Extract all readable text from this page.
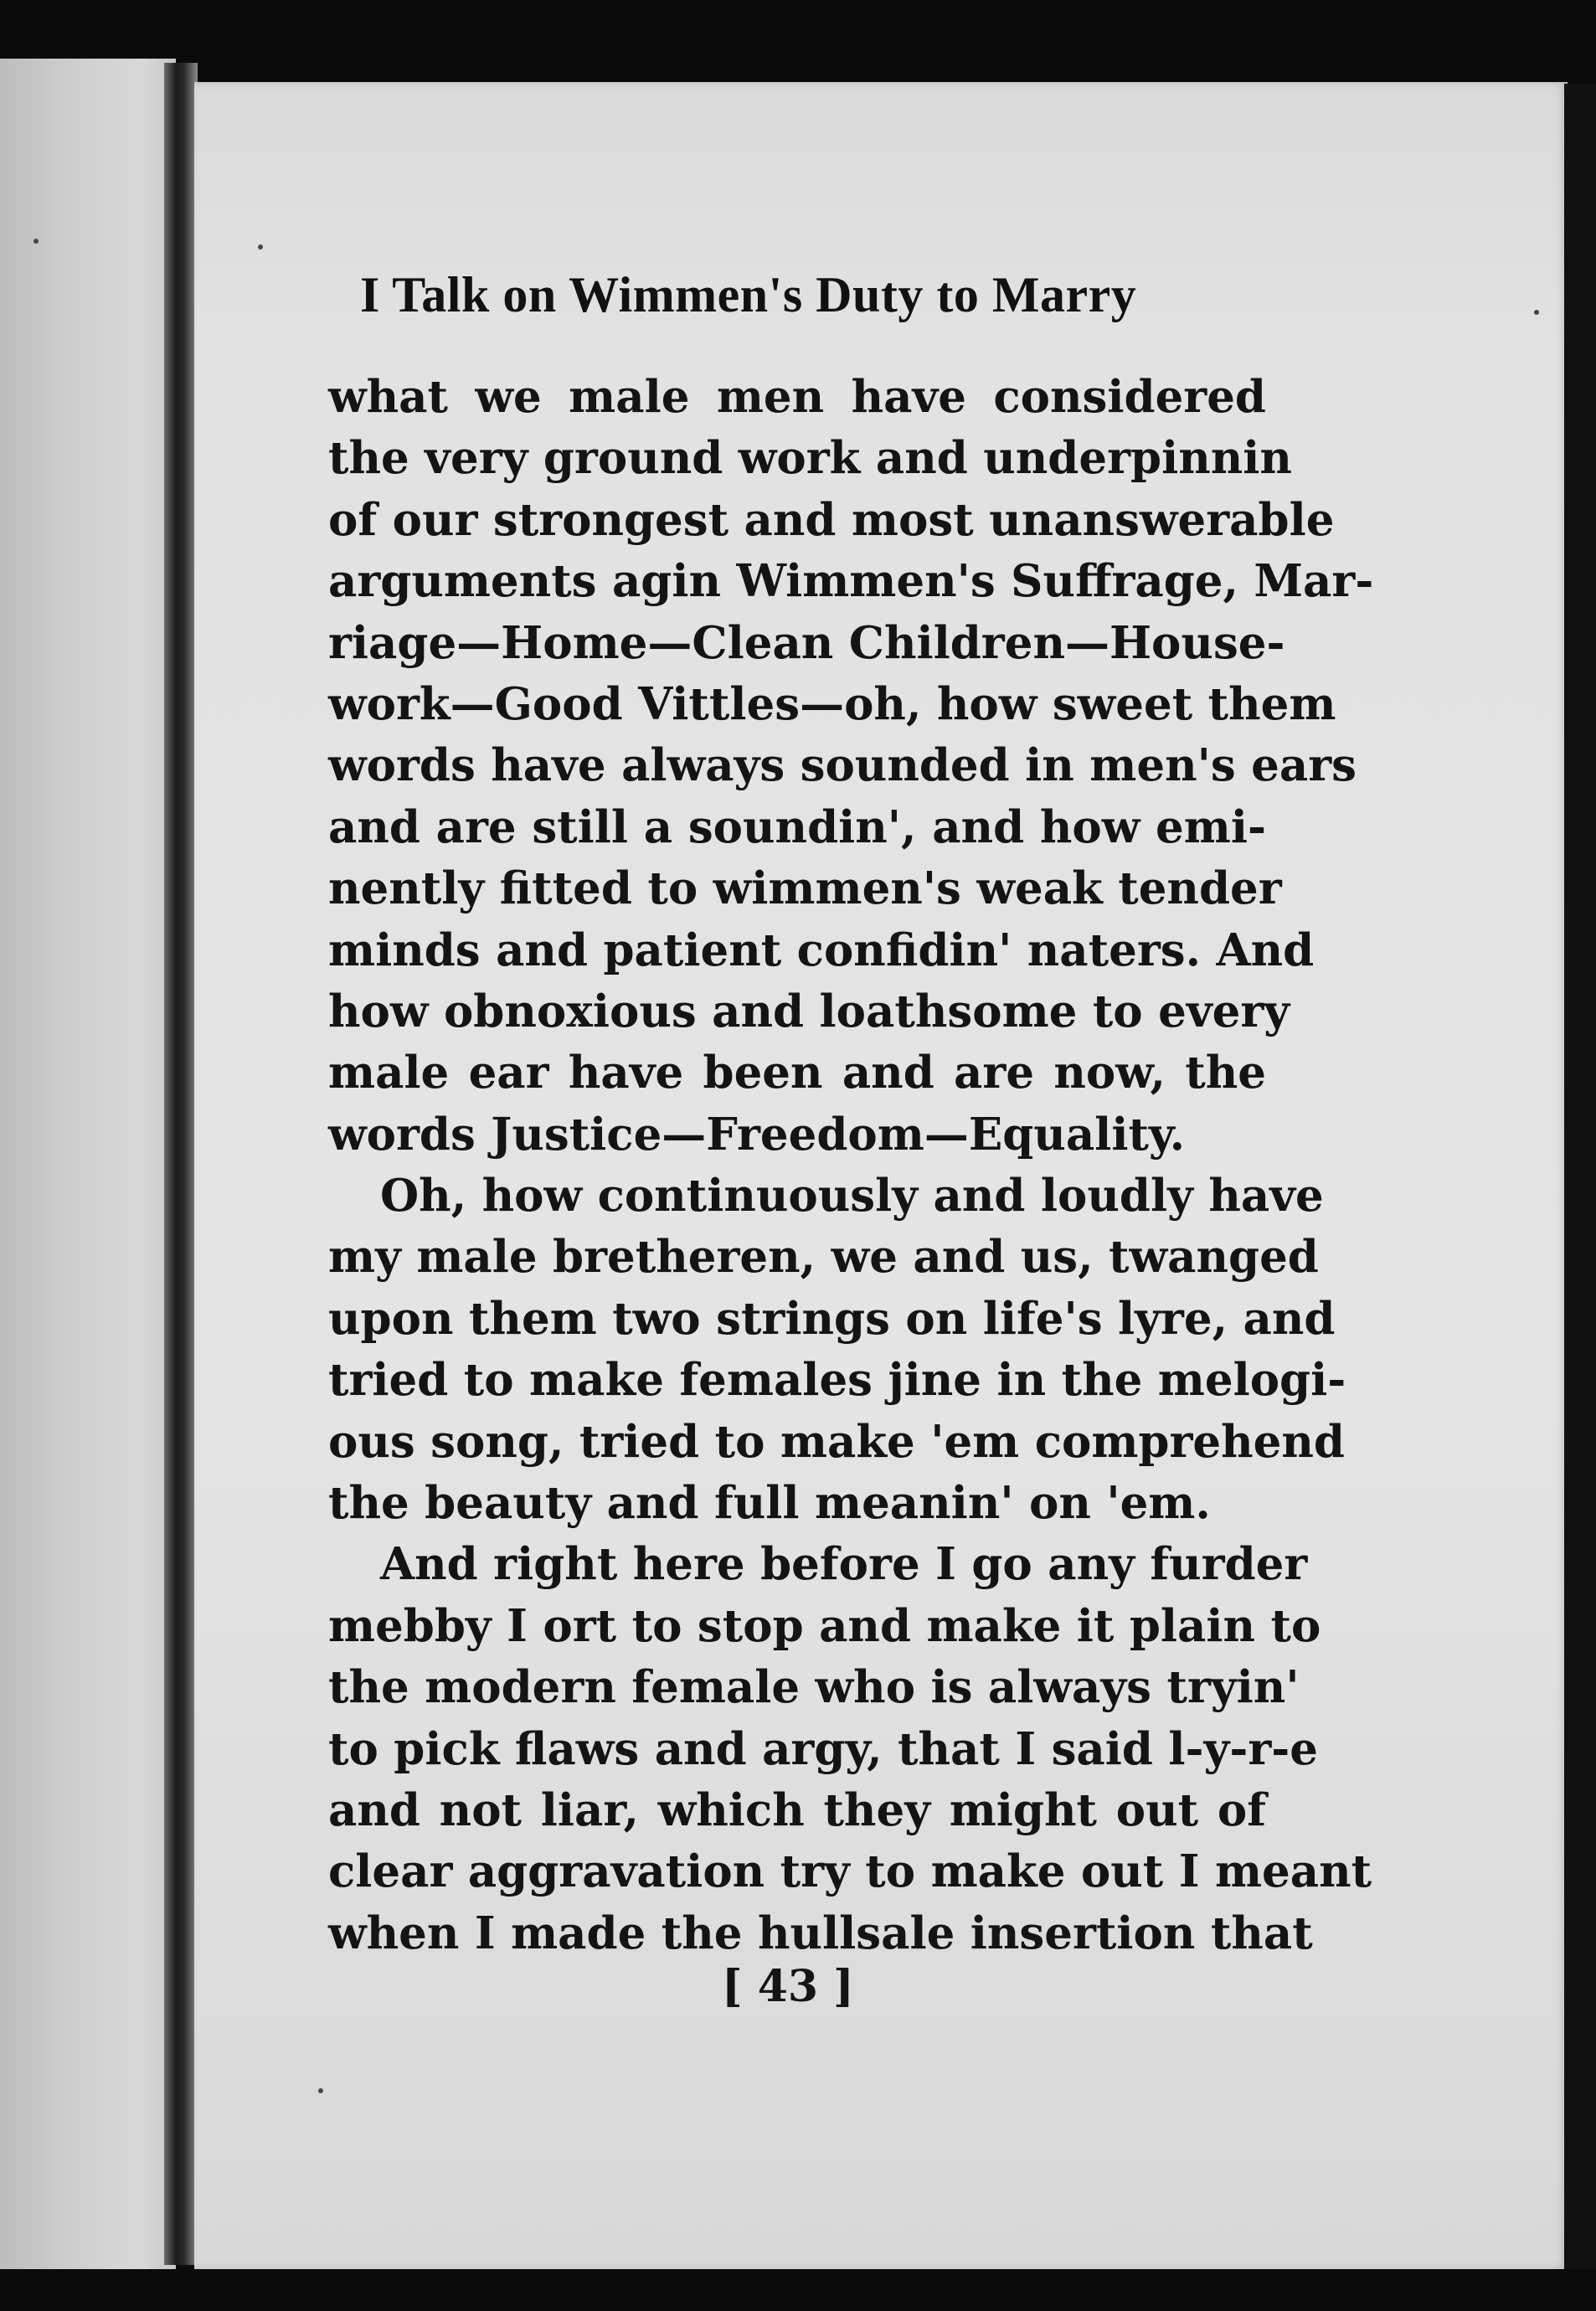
I Talk on Wimmen's Duty to Marry
what we male men have considered
the very ground work and underpinnin
of our strongest and most unanswerable
arguments agin Wimmen's Suffrage, Mar-
riage—Home—Clean Children—House-
work—Good Vittles—oh, how sweet them
words have always sounded in men's ears
and are still a soundin', and how emi-
nently fitted to wimmen's weak tender
minds and patient confidin' naters. And
how obnoxious and loathsome to every
male ear have been and are now, the
words Justice—Freedom—Equality.
Oh, how continuously and loudly have
my male bretheren, we and us, twanged
upon them two strings on life's lyre, and
tried to make females jine in the melogi-
ous song, tried to make 'em comprehend
the beauty and full meanin' on 'em.
And right here before I go any furder
mebby I ort to stop and make it plain to
the modern female who is always tryin'
to pick flaws and argy, that I said l-y-r-e
and not liar, which they might out of
clear aggravation try to make out I meant
when I made the hullsale insertion that
[ 43 ]
